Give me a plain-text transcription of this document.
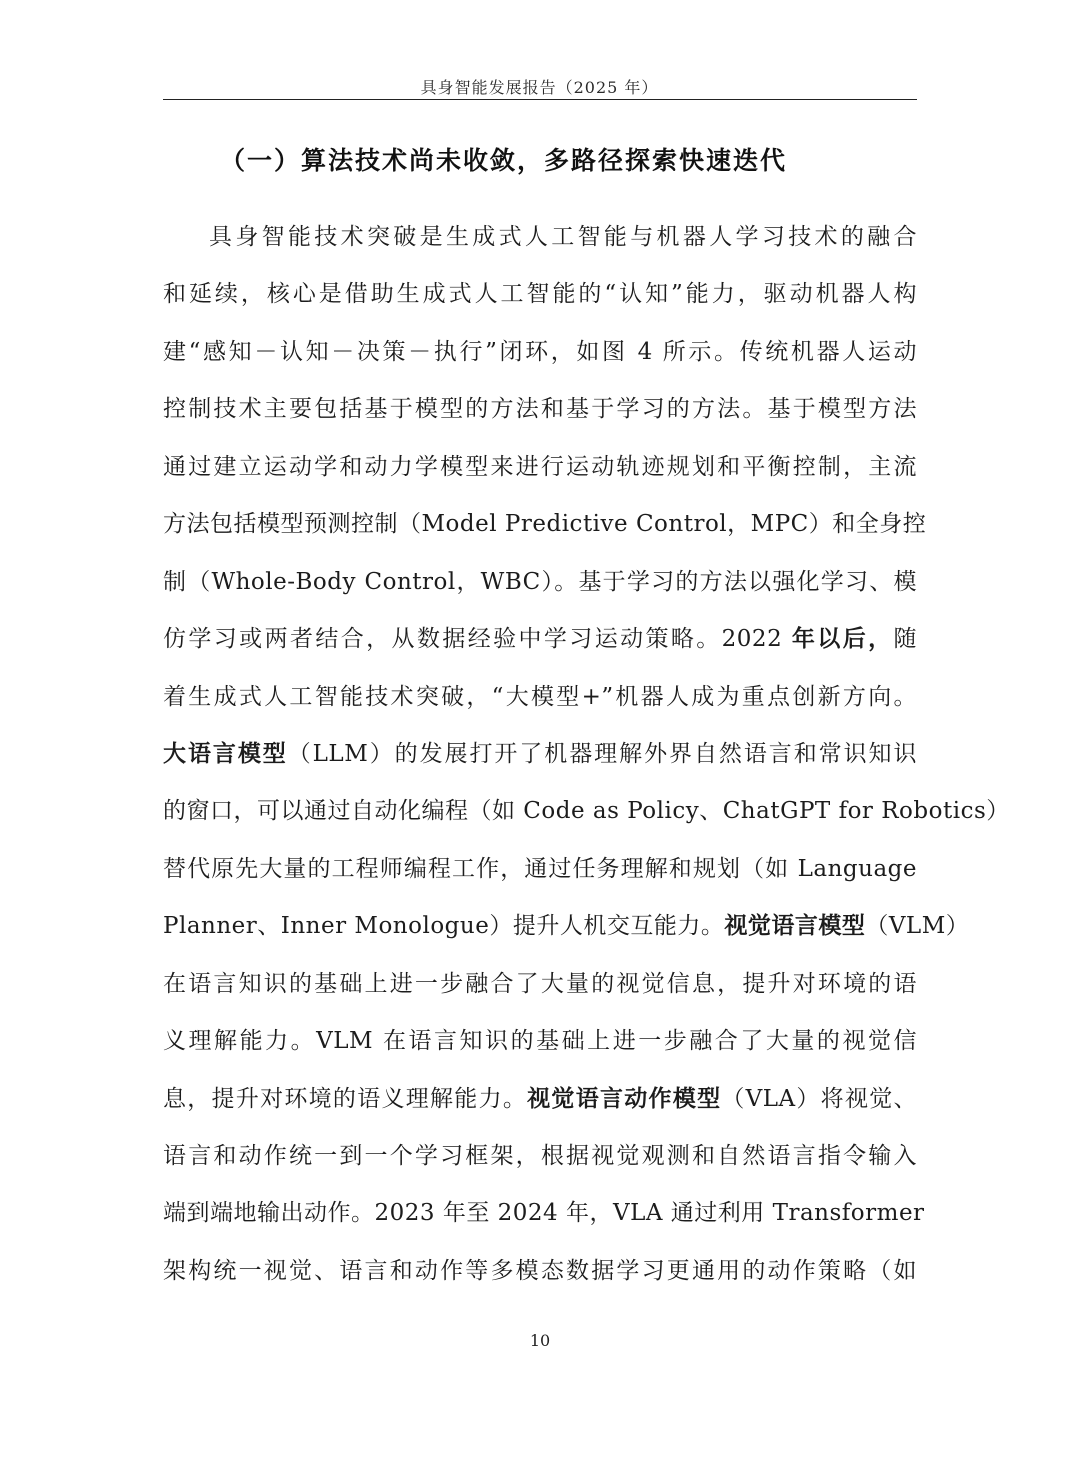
具身智能发展报告（2025 年）
（一）算法技术尚未收敛，多路径探索快速迭代
具身智能技术突破是生成式人工智能与机器人学习技术的融合
和延续，核心是借助生成式人工智能的“认知”能力，驱动机器人构
建“感知－认知－决策－执行”闭环，如图 4 所示。传统机器人运动
控制技术主要包括基于模型的方法和基于学习的方法。基于模型方法
通过建立运动学和动力学模型来进行运动轨迹规划和平衡控制，主流
方法包括模型预测控制（Model Predictive Control，MPC）和全身控
制（Whole-Body Control，WBC）。基于学习的方法以强化学习、模
仿学习或两者结合，从数据经验中学习运动策略。2022 年以后，随
着生成式人工智能技术突破，“大模型+”机器人成为重点创新方向。
大语言模型（LLM）的发展打开了机器理解外界自然语言和常识知识
的窗口，可以通过自动化编程（如 Code as Policy、ChatGPT for Robotics）
替代原先大量的工程师编程工作，通过任务理解和规划（如 Language
Planner、Inner Monologue）提升人机交互能力。视觉语言模型（VLM）
在语言知识的基础上进一步融合了大量的视觉信息，提升对环境的语
义理解能力。VLM 在语言知识的基础上进一步融合了大量的视觉信
息，提升对环境的语义理解能力。视觉语言动作模型（VLA）将视觉、
语言和动作统一到一个学习框架，根据视觉观测和自然语言指令输入
端到端地输出动作。2023 年至 2024 年，VLA 通过利用 Transformer
架构统一视觉、语言和动作等多模态数据学习更通用的动作策略（如
10
